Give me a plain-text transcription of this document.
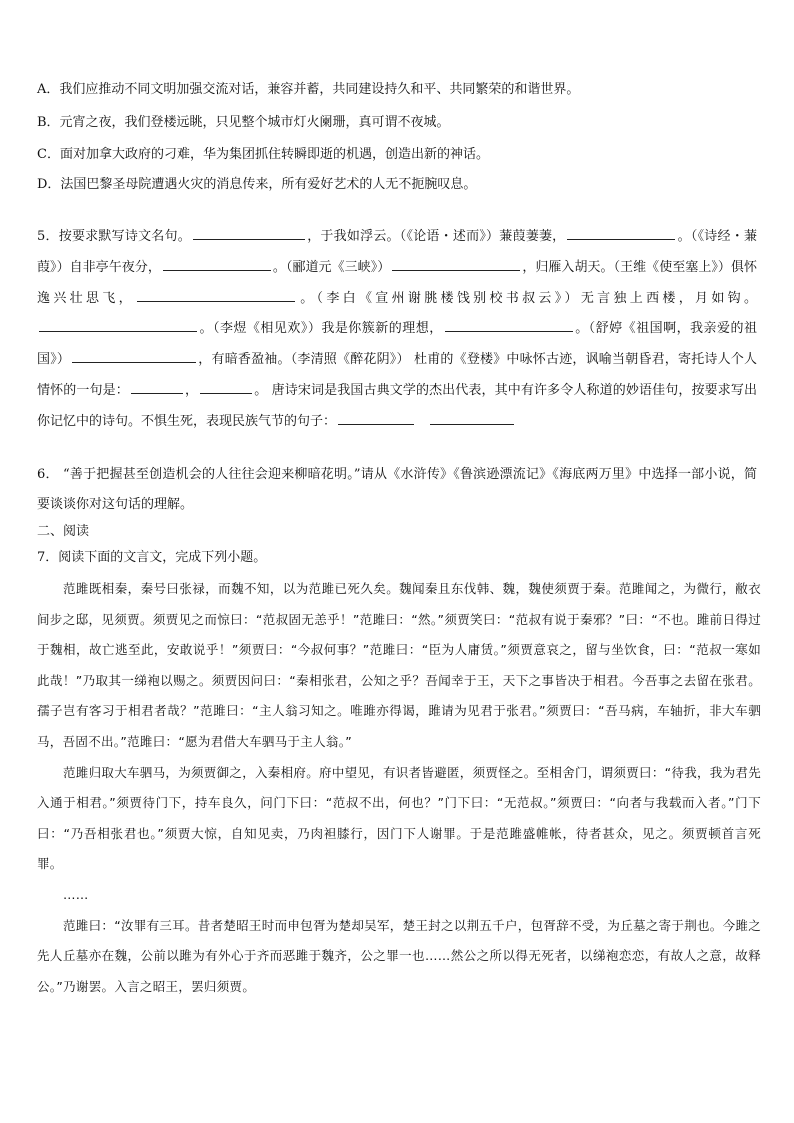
A．我们应推动不同文明加强交流对话，兼容并蓄，共同建设持久和平、共同繁荣的和谐世界。
B．元宵之夜，我们登楼远眺，只见整个城市灯火阑珊，真可谓不夜城。
C．面对加拿大政府的刁难，华为集团抓住转瞬即逝的机遇，创造出新的神话。
D．法国巴黎圣母院遭遇火灾的消息传来，所有爱好艺术的人无不扼腕叹息。
5．按要求默写诗文名句。	，于我如浮云。（《论语・述而》）蒹葭萋萋，	。（《诗经・蒹葭》）自非亭午夜分，	。（郦道元《三峡》）	，归雁入胡天。（王维《使至塞上》）俱怀逸兴壮思飞，	。（李白《宣州谢朓楼饯别校书叔云》）无言独上西楼，月如钩。。（李煜《相见欢》）我是你簇新的理想，	。（舒婷《祖国啊，我亲爱的祖国》）	，有暗香盈袖。（李清照《醉花阴》） 杜甫的《登楼》中咏怀古迹，讽喻当朝昏君，寄托诗人个人情怀的一句是：	，	。 唐诗宋词是我国古典文学的杰出代表，其中有许多令人称道的妙语佳句，按要求写出你记忆中的诗句。不惧生死，表现民族气节的句子：
6． “善于把握甚至创造机会的人往往会迎来柳暗花明。”请从《水浒传》《鲁滨逊漂流记》《海底两万里》中选择一部小说，简要谈谈你对这句话的理解。
二、阅读
7．阅读下面的文言文，完成下列小题。

范雎既相秦，秦号曰张禄，而魏不知，以为范雎已死久矣。魏闻秦且东伐韩、魏，魏使须贾于秦。范雎闻之，为微行，敝衣间步之邸，见须贾。须贾见之而惊曰：“范叔固无恙乎！”范雎曰：“然。”须贾笑曰：“范叔有说于秦邪？”曰：“不也。雎前日得过于魏相，故亡逃至此，安敢说乎！”须贾曰：“今叔何事？”范雎曰：“臣为人庸赁。”须贾意哀之，留与坐饮食，曰：“范叔一寒如此哉！”乃取其一绨袍以赐之。须贾因问曰：“秦相张君，公知之乎？吾闻幸于王，天下之事皆决于相君。今吾事之去留在张君。孺子岂有客习于相君者哉？”范雎曰：“主人翁习知之。唯雎亦得谒，雎请为见君于张君。”须贾曰：“吾马病，车轴折，非大车驷马，吾固不出。”范雎曰：“愿为君借大车驷马于主人翁。”

范雎归取大车驷马，为须贾御之，入秦相府。府中望见，有识者皆避匿，须贾怪之。至相舍门，谓须贾曰：“待我，我为君先入通于相君。”须贾待门下，持车良久，问门下曰：“范叔不出，何也？”门下曰：“无范叔。”须贾曰：“向者与我载而入者。”门下曰：“乃吾相张君也。”须贾大惊，自知见卖，乃肉袒膝行，因门下人谢罪。于是范雎盛帷帐，待者甚众，见之。须贾顿首言死罪。

……

范雎曰：“汝罪有三耳。昔者楚昭王时而申包胥为楚却吴军，楚王封之以荆五千户，包胥辞不受，为丘墓之寄于荆也。今雎之先人丘墓亦在魏，公前以雎为有外心于齐而恶雎于魏齐，公之罪一也……然公之所以得无死者，以绨袍恋恋，有故人之意，故释公。”乃谢罢。入言之昭王，罢归须贾。
